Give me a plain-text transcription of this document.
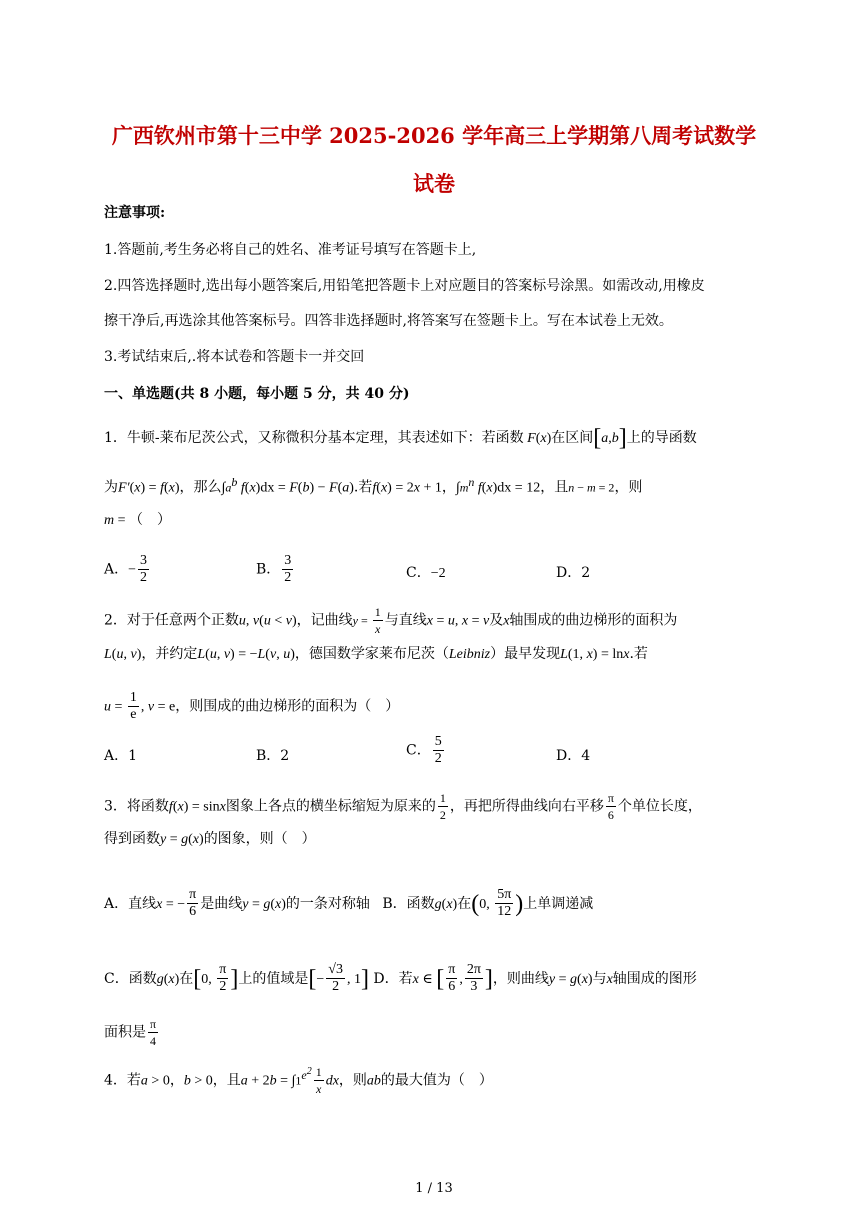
广西钦州市第十三中学 2025-2026 学年高三上学期第八周考试数学
试卷
注意事项:
1.答题前,考生务必将自己的姓名、准考证号填写在答题卡上,
2.四答选择题时,选出每小题答案后,用铅笔把答题卡上对应题目的答案标号涂黑。如需改动,用橡皮
擦干净后,再选涂其他答案标号。四答非选择题时,将答案写在签题卡上。写在本试卷上无效。
3.考试结束后,.将本试卷和答题卡一并交回
一、单选题(共 8 小题，每小题 5 分，共 40 分)
1．牛顿-莱布尼茨公式，又称微积分基本定理，其表述如下：若函数 F(x)在区间[a,b]上的导函数
为F′(x) = f(x)，那么$\int a^b$ f(x)dx = F(b) − F(a).若f(x) = 2x + 1，$\int m^n$ f(x)dx = 12，且n − m = 2，则
m = （　）
A．− $\frac{3}{2}$	B． $\frac{3}{2}$	C．−2	D．2
2．对于任意两个正数u, v(u < v)，记曲线$y = \frac{1}{x}$ 与直线x = u, x = v及x轴围成的曲边梯形的面积为
L(u, v)，并约定L(u, v) = −L(v, u)，德国数学家莱布尼茨（Leibniz）最早发现L(1, x) = lnx.若
$u = \frac{1}{e}$ , v = e，则围成的曲边梯形的面积为（　）
A．1	B．2	C． $\frac{5}{2}$	D．4
3．将函数f(x) = sinx图象上各点的横坐标缩短为原来的 $\frac{1}{2}$ ，再把所得曲线向右平移 $\frac{\pi}{6}$ 个单位长度，
得到函数y = g(x)的图象，则（　）
A．直线x = − $\frac{\pi}{6}$ 是曲线y = g(x)的一条对称轴 B．函数g(x)在(0, $\frac{5\pi}{12}$ )上单调递减
C．函数g(x)在[0, $\frac{\pi}{2}$ ]上的值域是[− $\frac{√3}{2}$ , 1] D．若x ∈ [ $\frac{\pi}{6}$ , $\frac{2\pi}{3}$ ]，则曲线y = g(x)与x轴围成的图形
面积是 $\frac{\pi}{4}$
4．若a > 0，b > 0，且$a + 2b = \int 1^{e^2} \frac{1}{x}$ dx，则ab的最大值为（　）
1 / 13
